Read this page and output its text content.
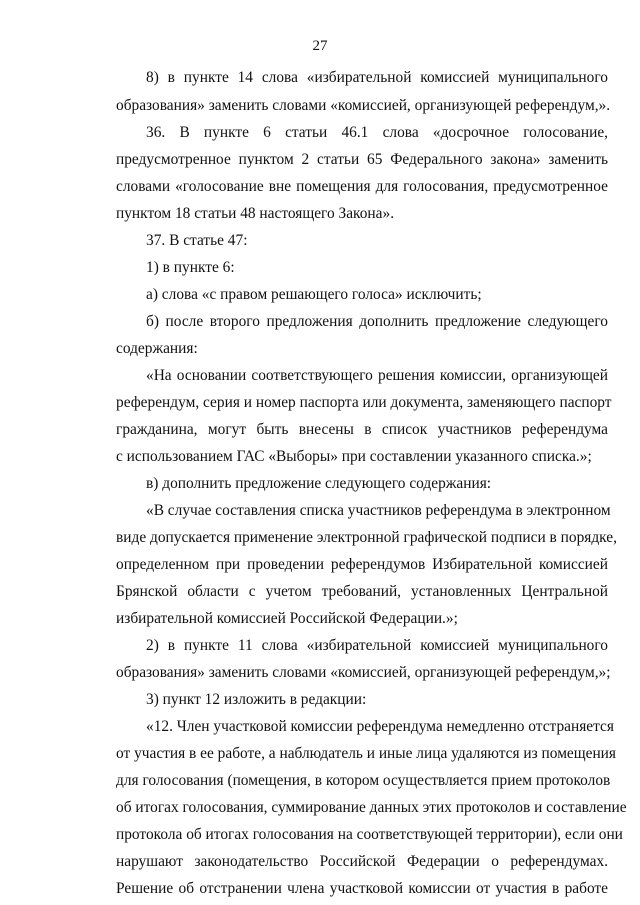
27
8) в пункте 14 слова «избирательной комиссией муниципального
образования» заменить словами «комиссией, организующей референдум,».
36. В пункте 6 статьи 46.1 слова «досрочное голосование,
предусмотренное пунктом 2 статьи 65 Федерального закона» заменить
словами «голосование вне помещения для голосования, предусмотренное
пунктом 18 статьи 48 настоящего Закона».
37. В статье 47:
1) в пункте 6:
а) слова «с правом решающего голоса» исключить;
б) после второго предложения дополнить предложение следующего
содержания:
«На основании соответствующего решения комиссии, организующей
референдум, серия и номер паспорта или документа, заменяющего паспорт
гражданина, могут быть внесены в список участников референдума
с использованием ГАС «Выборы» при составлении указанного списка.»;
в) дополнить предложение следующего содержания:
«В случае составления списка участников референдума в электронном
виде допускается применение электронной графической подписи в порядке,
определенном при проведении референдумов Избирательной комиссией
Брянской области с учетом требований, установленных Центральной
избирательной комиссией Российской Федерации.»;
2) в пункте 11 слова «избирательной комиссией муниципального
образования» заменить словами «комиссией, организующей референдум,»;
3) пункт 12 изложить в редакции:
«12. Член участковой комиссии референдума немедленно отстраняется
от участия в ее работе, а наблюдатель и иные лица удаляются из помещения
для голосования (помещения, в котором осуществляется прием протоколов
об итогах голосования, суммирование данных этих протоколов и составление
протокола об итогах голосования на соответствующей территории), если они
нарушают законодательство Российской Федерации о референдумах.
Решение об отстранении члена участковой комиссии от участия в работе
